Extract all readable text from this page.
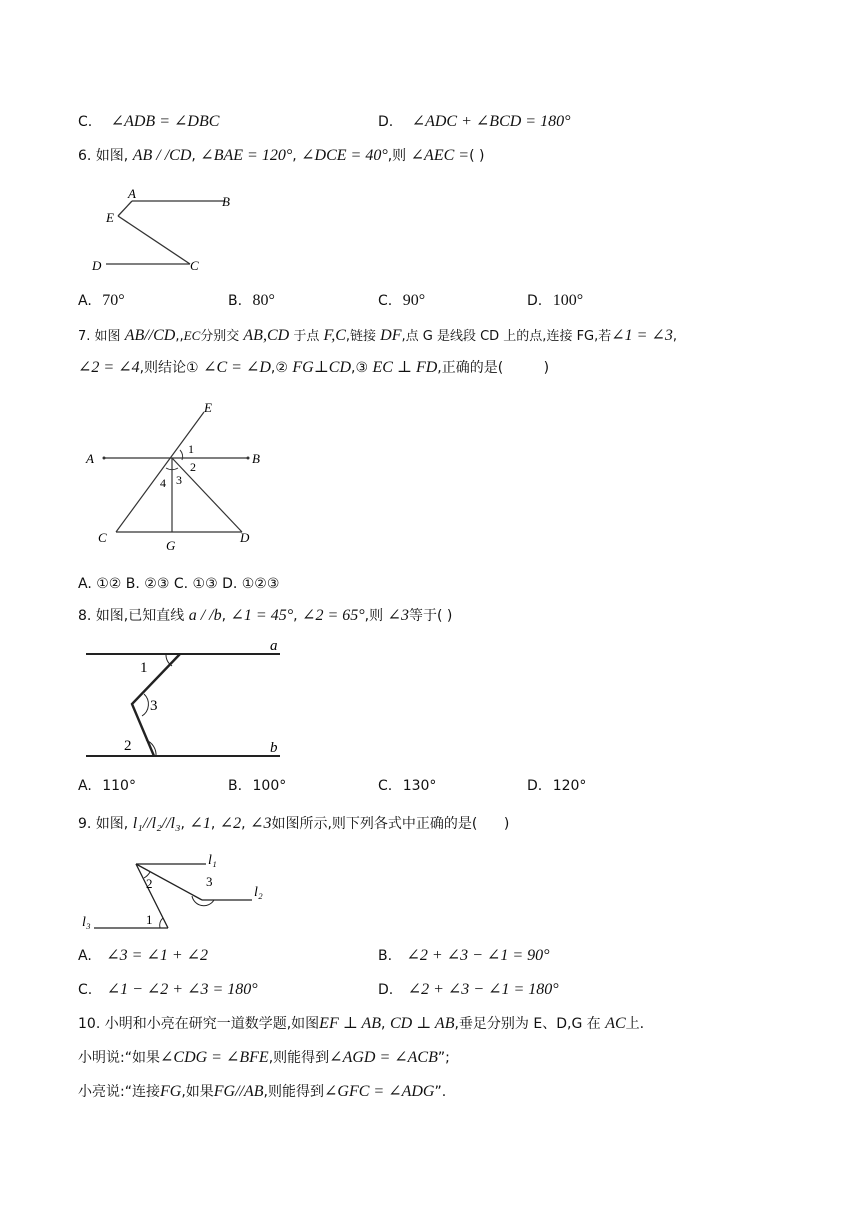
C. ∠ADB = ∠DBC	D. ∠ADC + ∠BCD = 180°
6. 如图, AB / /CD, ∠BAE = 120°, ∠DCE = 40°,则 ∠AEC =( )
A
B
E
D	C
A. 70°	B. 80°	C. 90°	D. 100°
7. 如图 AB//CD,,EC分别交 AB,CD 于点 F,C,链接 DF,点 G 是线段 CD 上的点,连接 FG,若∠1 = ∠3,
∠2 = ∠4,则结论① ∠C = ∠D,② FG⊥CD,③ EC ⊥ FD,正确的是(	)
E
A	B
C	D
G
1
2
3
4
A. ①② B. ②③ C. ①③ D. ①②③
8. 如图,已知直线 a / /b, ∠1 = 45°, ∠2 = 65°,则 ∠3等于( )
a
b
1
3
2
A. 110°	B. 100°	C. 130°	D. 120°
9. 如图, l₁//l₂//l₃, ∠1, ∠2, ∠3如图所示,则下列各式中正确的是( )
l₁
l₂
l₃
2	3
1
A. ∠3 = ∠1 + ∠2	B. ∠2 + ∠3 − ∠1 = 90°
C. ∠1 − ∠2 + ∠3 = 180°	D. ∠2 + ∠3 − ∠1 = 180°
10. 小明和小亮在研究一道数学题,如图EF ⊥ AB, CD ⊥ AB,垂足分别为 E、D,G 在 AC上.
小明说:“如果∠CDG = ∠BFE,则能得到∠AGD = ∠ACB”;
小亮说:“连接FG,如果FG//AB,则能得到∠GFC = ∠ADG”.
